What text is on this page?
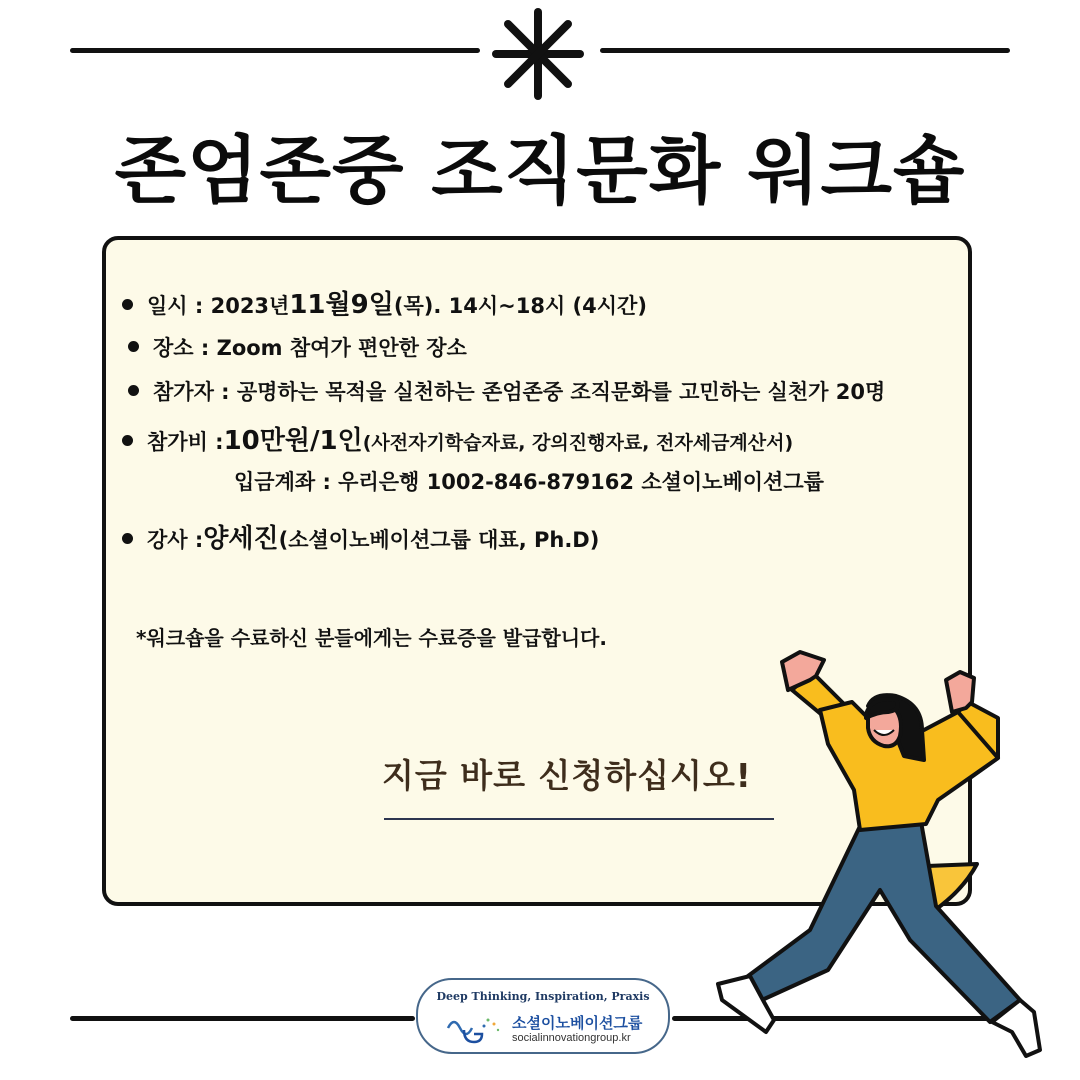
존엄존중 조직문화 워크숍
일시 : 2023년 11월9일 (목). 14시~18시 (4시간)
장소 : Zoom 참여가 편안한 장소
참가자 : 공명하는 목적을 실천하는 존엄존중 조직문화를 고민하는 실천가 20명
참가비 : 10만원/1인 (사전자기학습자료, 강의진행자료, 전자세금계산서)
입금계좌 : 우리은행 1002-846-879162 소셜이노베이션그룹
강사 : 양세진 (소셜이노베이션그룹 대표, Ph.D)
*워크숍을 수료하신 분들에게는 수료증을 발급합니다.
지금 바로 신청하십시오!
Deep Thinking, Inspiration, Praxis
소셜이노베이션그룹
socialinnovationgroup.kr
